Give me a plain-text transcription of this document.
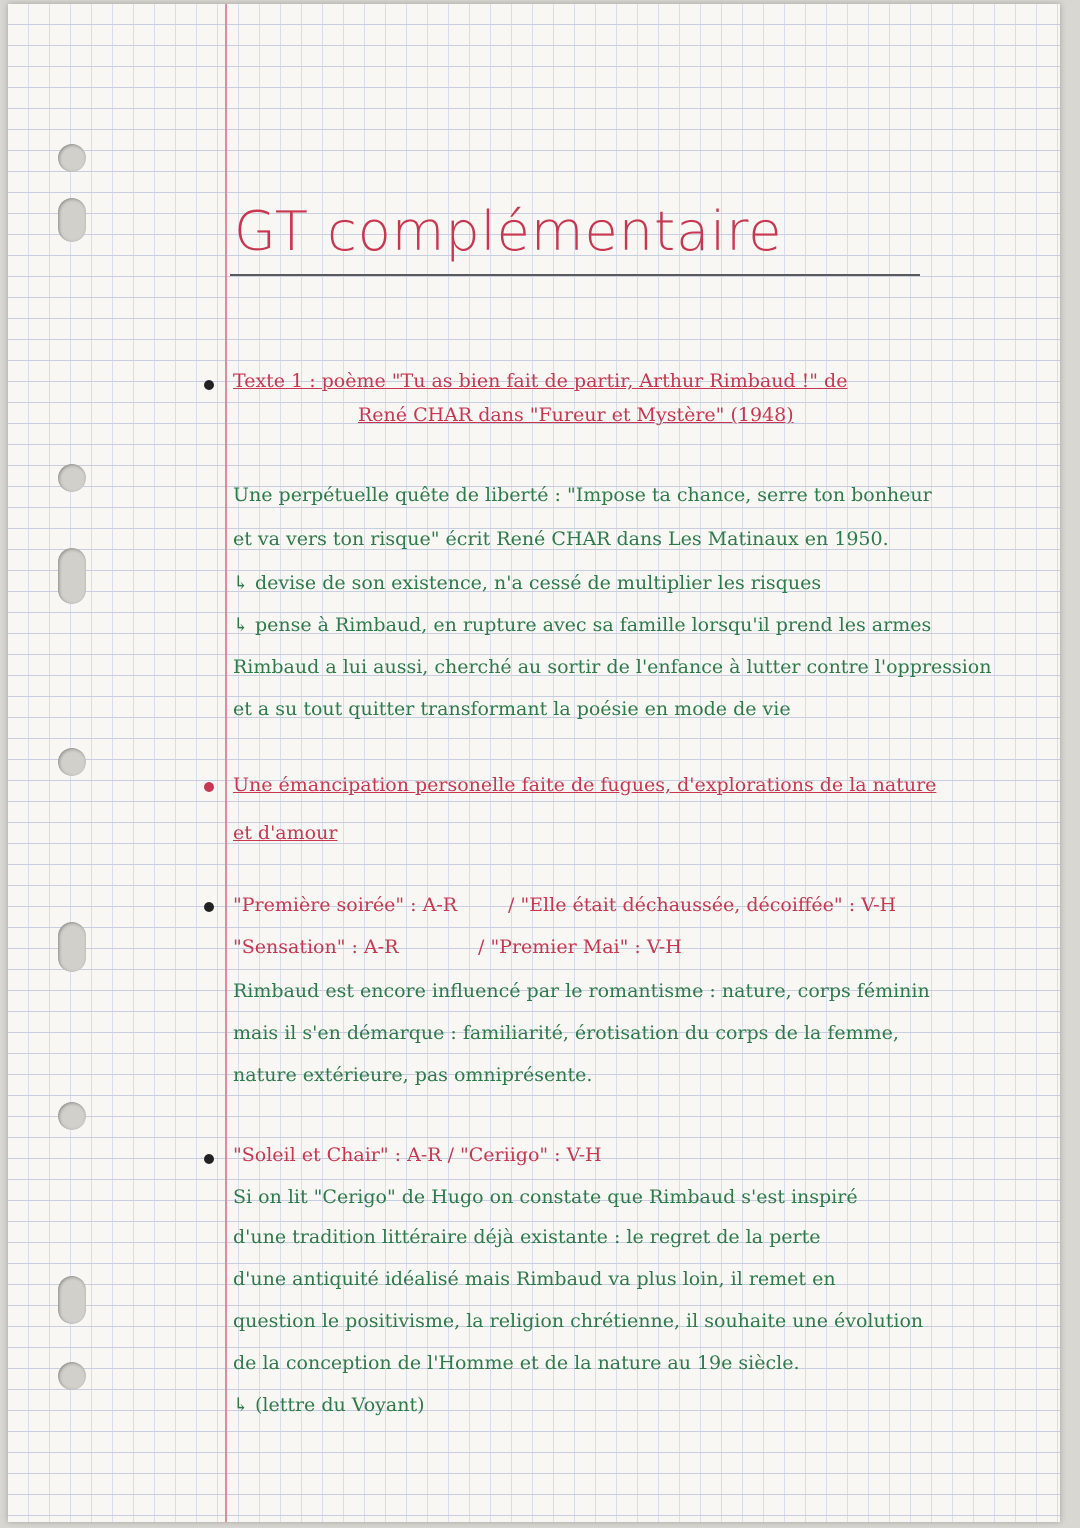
GT complémentaire
Texte 1 : poème "Tu as bien fait de partir, Arthur Rimbaud !" de
René CHAR dans "Fureur et Mystère" (1948)
Une perpétuelle quête de liberté : "Impose ta chance, serre ton bonheur
et va vers ton risque" écrit René CHAR dans Les Matinaux en 1950.
↳ devise de son existence, n'a cessé de multiplier les risques
↳ pense à Rimbaud, en rupture avec sa famille lorsqu'il prend les armes
Rimbaud a lui aussi, cherché au sortir de l'enfance à lutter contre l'oppression
et a su tout quitter transformant la poésie en mode de vie
Une émancipation personelle faite de fugues, d'explorations de la nature
et d'amour
"Première soirée" : A-R	/ "Elle était déchaussée, décoiffée" : V-H
"Sensation" : A-R	/ "Premier Mai" : V-H
Rimbaud est encore influencé par le romantisme : nature, corps féminin
mais il s'en démarque : familiarité, érotisation du corps de la femme,
nature extérieure, pas omniprésente.
"Soleil et Chair" : A-R / "Ceriigo" : V-H
Si on lit "Cerigo" de Hugo on constate que Rimbaud s'est inspiré
d'une tradition littéraire déjà existante : le regret de la perte
d'une antiquité idéalisé mais Rimbaud va plus loin, il remet en
question le positivisme, la religion chrétienne, il souhaite une évolution
de la conception de l'Homme et de la nature au 19e siècle.
↳ (lettre du Voyant)
